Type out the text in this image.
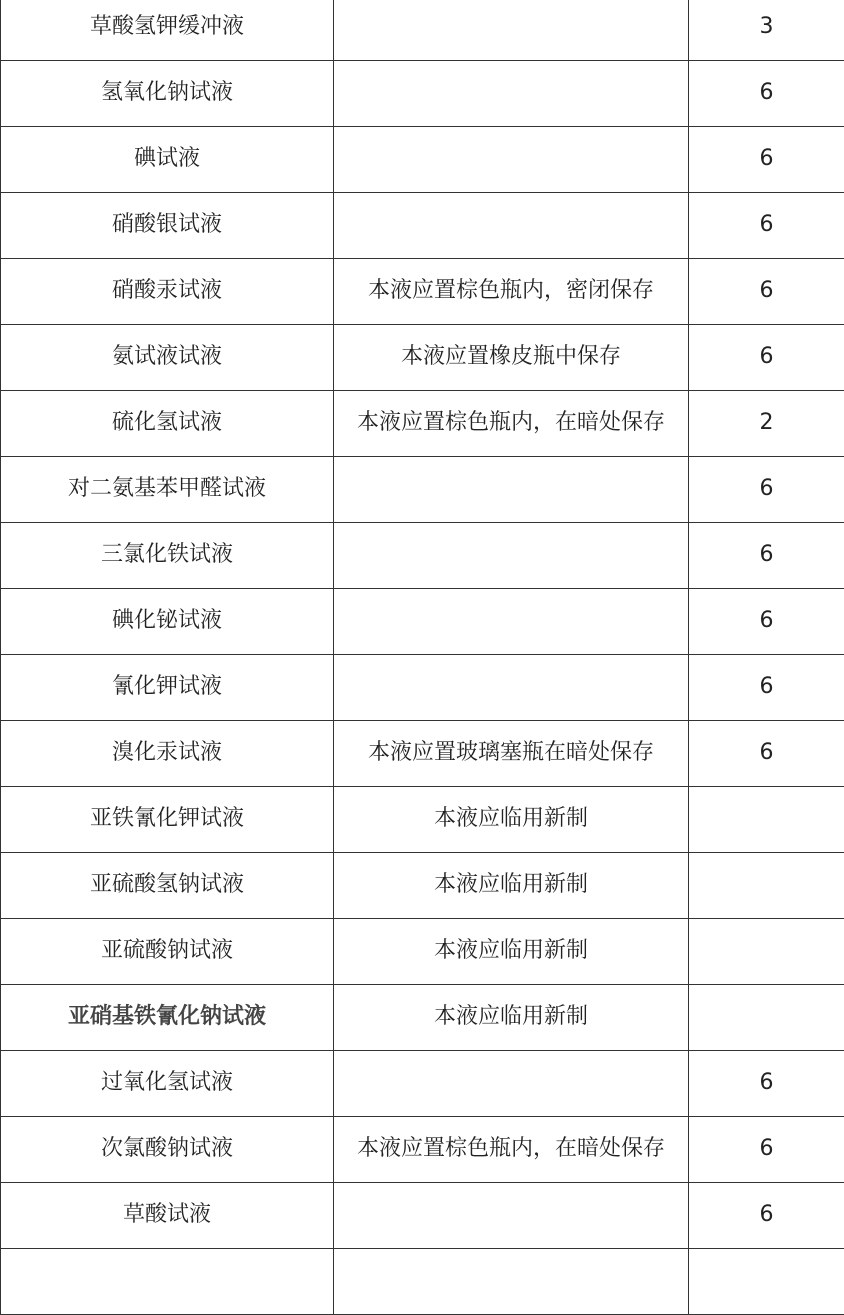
草酸氢钾缓冲液		3
氢氧化钠试液		6
碘试液		6
硝酸银试液		6
硝酸汞试液	本液应置棕色瓶内，密闭保存	6
氨试液试液	本液应置橡皮瓶中保存	6
硫化氢试液	本液应置棕色瓶内，在暗处保存	2
对二氨基苯甲醛试液		6
三氯化铁试液		6
碘化铋试液		6
氰化钾试液		6
溴化汞试液	本液应置玻璃塞瓶在暗处保存	6
亚铁氰化钾试液	本液应临用新制	
亚硫酸氢钠试液	本液应临用新制	
亚硫酸钠试液	本液应临用新制	
亚硝基铁氰化钠试液	本液应临用新制	
过氧化氢试液		6
次氯酸钠试液	本液应置棕色瓶内，在暗处保存	6
草酸试液		6
